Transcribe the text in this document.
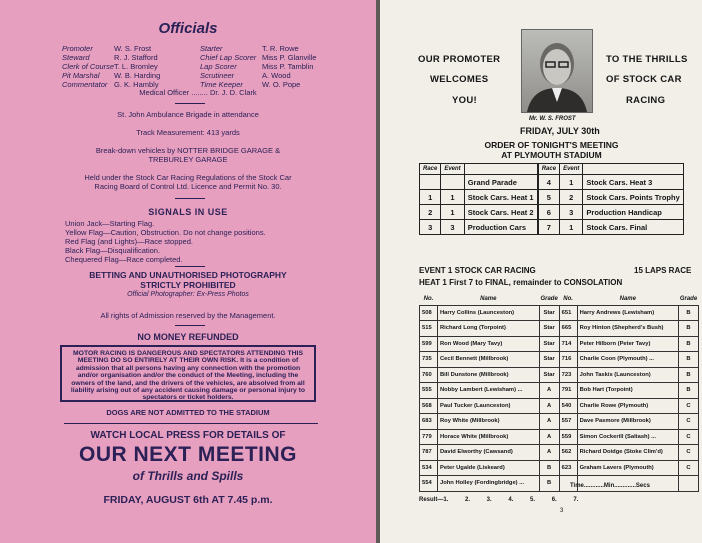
Officials
Promoter	W. S. Frost	Starter	T. R. Rowe
Steward	R. J. Stafford	Chief Lap Scorer Miss P. Glanville
Clerk of Course T. L. Bromley	Lap Scorer	Miss P. Tamblin
Pit Marshal W. B. Harding	Scrutineer	A. Wood
Commentator G. K. Hambly	Time Keeper	W. O. Pope
Medical Officer ........ Dr. J. D. Clark
St. John Ambulance Brigade in attendance
Track Measurement: 413 yards
Break-down vehicles by NOTTER BRIDGE GARAGE &
TREBURLEY GARAGE
Held under the Stock Car Racing Regulations of the Stock Car
Racing Board of Control Ltd. Licence and Permit No. 30.
SIGNALS IN USE
Union Jack—Starting Flag.
Yellow Flag—Caution, Obstruction. Do not change positions.
Red Flag (and Lights)—Race stopped.
Black Flag—Disqualification.
Chequered Flag—Race completed.
BETTING AND UNAUTHORISED PHOTOGRAPHY
STRICTLY PROHIBITED
Official Photographer: Ex-Press Photos
All rights of Admission reserved by the Management.
NO MONEY REFUNDED
MOTOR RACING IS DANGEROUS AND SPECTATORS ATTENDING THIS MEETING DO SO ENTIRELY AT THEIR OWN RISK. It is a condition of admission that all persons having any connection with the promotion and/or organisation and/or the conduct of the Meeting, including the owners of the land, and the drivers of the vehicles, are absolved from all liability arising out of any accident causing damage or personal injury to spectators or ticket holders.
DOGS ARE NOT ADMITTED TO THE STADIUM
WATCH LOCAL PRESS FOR DETAILS OF
OUR NEXT MEETING
of Thrills and Spills
FRIDAY, AUGUST 6th AT 7.45 p.m.
OUR PROMOTER
WELCOMES
YOU!
TO THE THRILLS
OF STOCK CAR
RACING
Mr. W. S. FROST
FRIDAY, JULY 30th
ORDER OF TONIGHT'S MEETING
AT PLYMOUTH STADIUM
Race	Event		Race	Event	
		Grand Parade	4	1	Stock Cars. Heat 3
1	1	Stock Cars. Heat 1	5	2	Stock Cars. Points Trophy
2	1	Stock Cars. Heat 2	6	3	Production Handicap
3	3	Production Cars	7	1	Stock Cars. Final
EVENT 1 STOCK CAR RACING	15 LAPS RACE
HEAT 1 First 7 to FINAL, remainder to CONSOLATION
No.	Name	Grade	No.	Name	Grade
508	Harry Collins (Launceston)	Star	651	Harry Andrews (Lewisham)	B
515	Richard Long (Torpoint)	Star	665	Roy Hinton (Shepherd's Bush)	B
599	Ron Wood (Mary Tavy)	Star	714	Peter Hilborn (Peter Tavy)	B
735	Cecil Bennett (Millbrook)	Star	716	Charlie Coon (Plymouth) ...	B
760	Bill Dunstone (Millbrook)	Star	723	John Taskis (Launceston)	B
555	Nobby Lambert (Lewisham) ...	A	791	Bob Hart (Torpoint)	B
568	Paul Tucker (Launceston)	A	540	Charlie Rowe (Plymouth)	C
683	Roy White (Millbrook)	A	557	Dave Pasmore (Millbrook)	C
779	Horace White (Millbrook)	A	559	Simon Cockerill (Saltash) ...	C
787	David Elworthy (Cawsand)	A	562	Richard Doidge (Stoke Clim'd)	C
534	Peter Ugalde (Liskeard)	B	623	Graham Lavers (Plymouth)	C
554	John Holley (Fordingbridge) ...	B				Time............Min.............Secs
Result—1.          2.          3.          4.          5.          6.          7.
3
